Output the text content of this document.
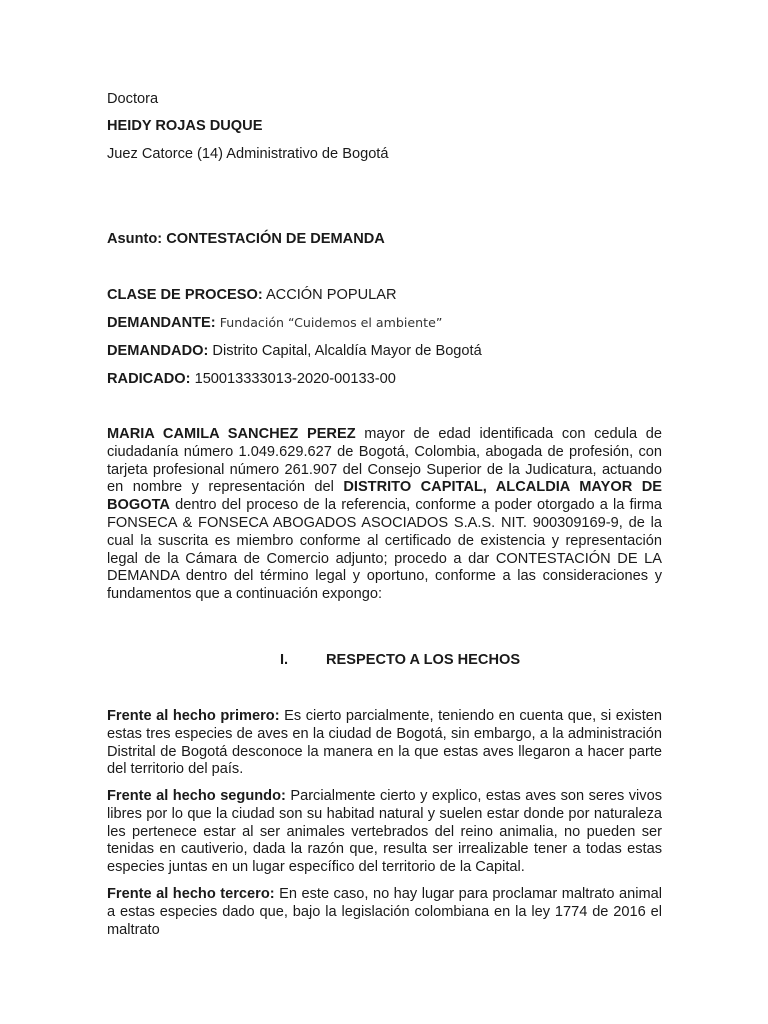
Doctora
HEIDY ROJAS DUQUE
Juez Catorce (14) Administrativo de Bogotá
Asunto: CONTESTACIÓN DE DEMANDA
CLASE DE PROCESO: ACCIÓN POPULAR
DEMANDANTE: Fundación “Cuidemos el ambiente”
DEMANDADO: Distrito Capital, Alcaldía Mayor de Bogotá
RADICADO: 150013333013-2020-00133-00
MARIA CAMILA SANCHEZ PEREZ mayor de edad identificada con cedula de ciudadanía número 1.049.629.627 de Bogotá, Colombia, abogada de profesión, con tarjeta profesional número 261.907 del Consejo Superior de la Judicatura, actuando en nombre y representación del DISTRITO CAPITAL, ALCALDIA MAYOR DE BOGOTA dentro del proceso de la referencia, conforme a poder otorgado a la firma FONSECA & FONSECA ABOGADOS ASOCIADOS S.A.S. NIT. 900309169-9, de la cual la suscrita es miembro conforme al certificado de existencia y representación legal de la Cámara de Comercio adjunto; procedo a dar CONTESTACIÓN DE LA DEMANDA dentro del término legal y oportuno, conforme a las consideraciones y fundamentos que a continuación expongo:
I.	RESPECTO A LOS HECHOS
Frente al hecho primero: Es cierto parcialmente, teniendo en cuenta que, si existen estas tres especies de aves en la ciudad de Bogotá, sin embargo, a la administración Distrital de Bogotá desconoce la manera en la que estas aves llegaron a hacer parte del territorio del país.
Frente al hecho segundo: Parcialmente cierto y explico, estas aves son seres vivos libres por lo que la ciudad son su habitad natural y suelen estar donde por naturaleza les pertenece estar al ser animales vertebrados del reino animalia, no pueden ser tenidas en cautiverio, dada la razón que, resulta ser irrealizable tener a todas estas especies juntas en un lugar específico del territorio de la Capital.
Frente al hecho tercero: En este caso, no hay lugar para proclamar maltrato animal a estas especies dado que, bajo la legislación colombiana en la ley 1774 de 2016 el maltrato
